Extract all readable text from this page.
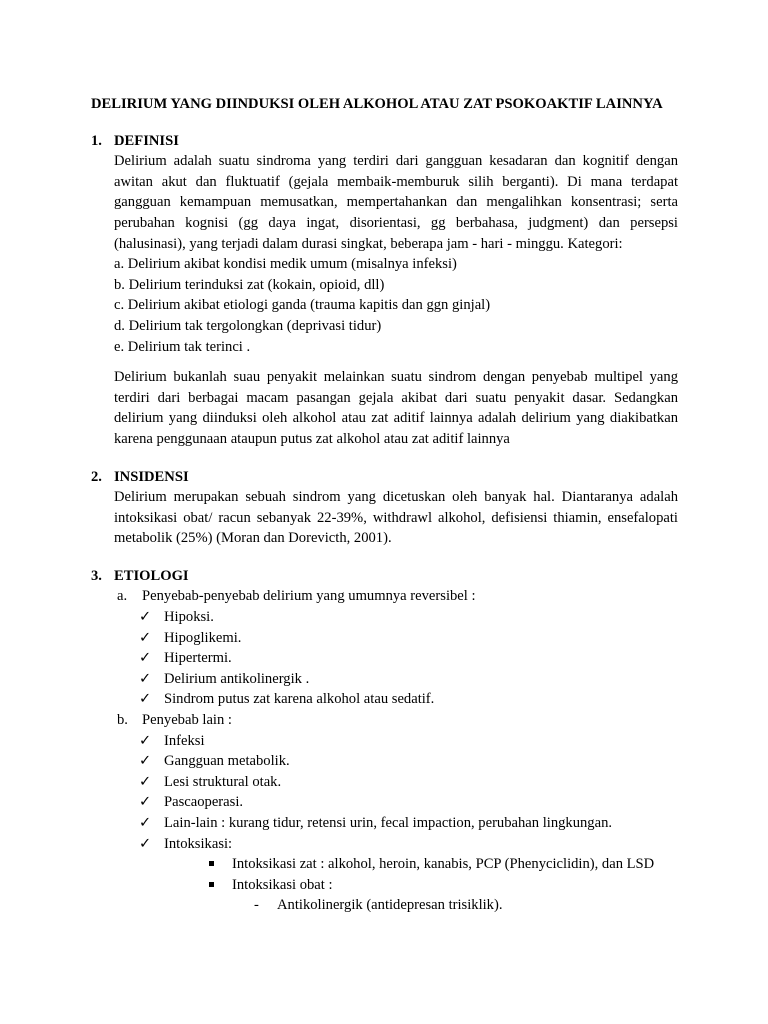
DELIRIUM YANG DIINDUKSI OLEH ALKOHOL ATAU ZAT PSOKOAKTIF LAINNYA
1. DEFINISI

Delirium adalah suatu sindroma yang terdiri dari gangguan kesadaran dan kognitif dengan awitan akut dan fluktuatif (gejala membaik-memburuk silih berganti). Di mana terdapat gangguan kemampuan memusatkan, mempertahankan dan mengalihkan konsentrasi; serta perubahan kognisi (gg daya ingat, disorientasi, gg berbahasa, judgment) dan persepsi (halusinasi), yang terjadi dalam durasi singkat, beberapa jam - hari - minggu. Kategori:

a. Delirium akibat kondisi medik umum (misalnya infeksi)

b. Delirium terinduksi zat (kokain, opioid, dll)

c. Delirium akibat etiologi ganda (trauma kapitis dan ggn ginjal)

d. Delirium tak tergolongkan (deprivasi tidur)

e. Delirium tak terinci .

Delirium bukanlah suau penyakit melainkan suatu sindrom dengan penyebab multipel yang terdiri dari berbagai macam pasangan gejala akibat dari suatu penyakit dasar. Sedangkan delirium yang diinduksi oleh alkohol atau zat aditif lainnya adalah delirium yang diakibatkan karena penggunaan ataupun putus zat alkohol atau zat aditif lainnya

2. INSIDENSI

Delirium merupakan sebuah sindrom yang dicetuskan oleh banyak hal. Diantaranya adalah intoksikasi obat/ racun sebanyak 22-39%, withdrawl alkohol, defisiensi thiamin, ensefalopati metabolik (25%) (Moran dan Dorevicth, 2001).

3. ETIOLOGI
a. Penyebab-penyebab delirium yang umumnya reversibel :
✓ Hipoksi.
✓ Hipoglikemi.
✓ Hipertermi.
✓ Delirium antikolinergik .
✓ Sindrom putus zat karena alkohol atau sedatif.
b. Penyebab lain :
✓ Infeksi
✓ Gangguan metabolik.
✓ Lesi struktural otak.
✓ Pascaoperasi.
✓ Lain-lain : kurang tidur, retensi urin, fecal impaction, perubahan lingkungan.
✓ Intoksikasi:
Intoksikasi zat : alkohol, heroin, kanabis, PCP (Phenyciclidin), dan LSD
Intoksikasi obat :
- Antikolinergik (antidepresan trisiklik).
